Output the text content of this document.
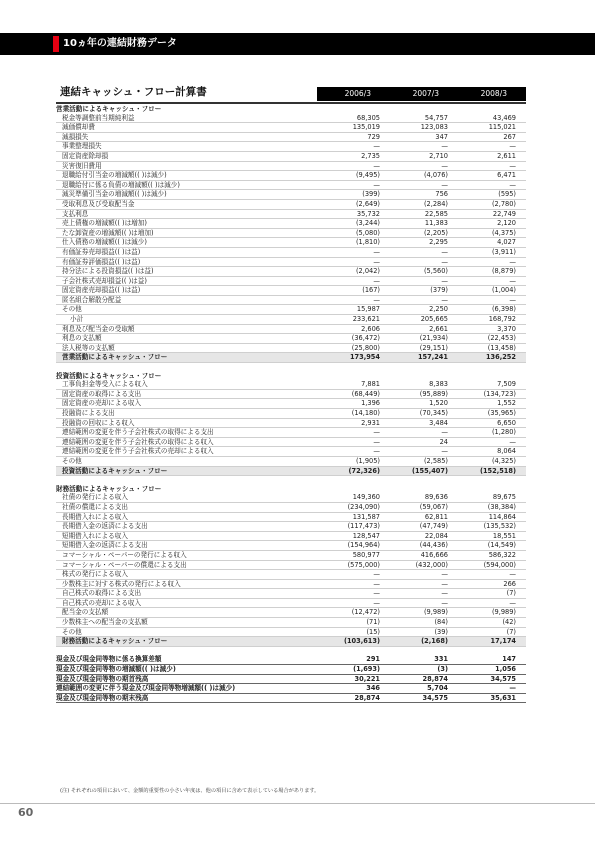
10ヵ年の連結財務データ
連結キャッシュ・フロー計算書	2006/3	2007/3	2008/3
営業活動によるキャッシュ・フロー
税金等調整前当期純利益	68,305	54,757	43,469
減価償却費	135,019	123,083	115,021
減損損失	729	347	267
事業整理損失	—	—	—
固定資産除却損	2,735	2,710	2,611
災害復旧費用	—	—	—
退職給付引当金の増減額(( )は減少)	(9,495)	(4,076)	6,471
退職給付に係る負債の増減額(( )は減少)	—	—	—
減災準備引当金の増減額(( )は減少)	(399)	756	(595)
受取利息及び受取配当金	(2,649)	(2,284)	(2,780)
支払利息	35,732	22,585	22,749
売上債権の増減額(( )は増加)	(3,244)	11,383	2,120
たな卸資産の増減額(( )は増加)	(5,080)	(2,205)	(4,375)
仕入債務の増減額(( )は減少)	(1,810)	2,295	4,027
有価証券売却損益(( )は益)	—	—	(3,911)
有価証券評価損益(( )は益)	—	—	—
持分法による投資損益(( )は益)	(2,042)	(5,560)	(8,879)
子会社株式売却損益(( )は益)	—	—	—
固定資産売却損益(( )は益)	(167)	(379)	(1,004)
匿名組合解散分配益	—	—	—
その他	15,987	2,250	(6,398)
小計	233,621	205,665	168,792
利息及び配当金の受取額	2,606	2,661	3,370
利息の支払額	(36,472)	(21,934)	(22,453)
法人税等の支払額	(25,800)	(29,151)	(13,458)
営業活動によるキャッシュ・フロー	173,954	157,241	136,252
投資活動によるキャッシュ・フロー
工事負担金等受入による収入	7,881	8,383	7,509
固定資産の取得による支出	(68,449)	(95,889)	(134,723)
固定資産の売却による収入	1,396	1,520	1,552
投融資による支出	(14,180)	(70,345)	(35,965)
投融資の回収による収入	2,931	3,484	6,650
連結範囲の変更を伴う子会社株式の取得による支出	—	—	(1,280)
連結範囲の変更を伴う子会社株式の取得による収入	—	24	—
連結範囲の変更を伴う子会社株式の売却による収入	—	—	8,064
その他	(1,905)	(2,585)	(4,325)
投資活動によるキャッシュ・フロー	(72,326)	(155,407)	(152,518)
財務活動によるキャッシュ・フロー
社債の発行による収入	149,360	89,636	89,675
社債の償還による支出	(234,090)	(59,067)	(38,384)
長期借入れによる収入	131,587	62,811	114,864
長期借入金の返済による支出	(117,473)	(47,749)	(135,532)
短期借入れによる収入	128,547	22,084	18,551
短期借入金の返済による支出	(154,964)	(44,436)	(14,549)
コマーシャル・ペーパーの発行による収入	580,977	416,666	586,322
コマーシャル・ペーパーの償還による支出	(575,000)	(432,000)	(594,000)
株式の発行による収入	—	—	—
少数株主に対する株式の発行による収入	—	—	266
自己株式の取得による支出	—	—	(7)
自己株式の売却による収入	—	—	—
配当金の支払額	(12,472)	(9,989)	(9,989)
少数株主への配当金の支払額	(71)	(84)	(42)
その他	(15)	(39)	(7)
財務活動によるキャッシュ・フロー	(103,613)	(2,168)	17,174
現金及び現金同等物に係る換算差額	291	331	147
現金及び現金同等物の増減額(( )は減少)	(1,693)	(3)	1,056
現金及び現金同等物の期首残高	30,221	28,874	34,575
連結範囲の変更に伴う現金及び現金同等物増減額(( )は減少)	346	5,704	—
現金及び現金同等物の期末残高	28,874	34,575	35,631
(注) それぞれの項目において、金額的重要性の小さい年度は、他の項目に含めて表示している場合があります。
60
